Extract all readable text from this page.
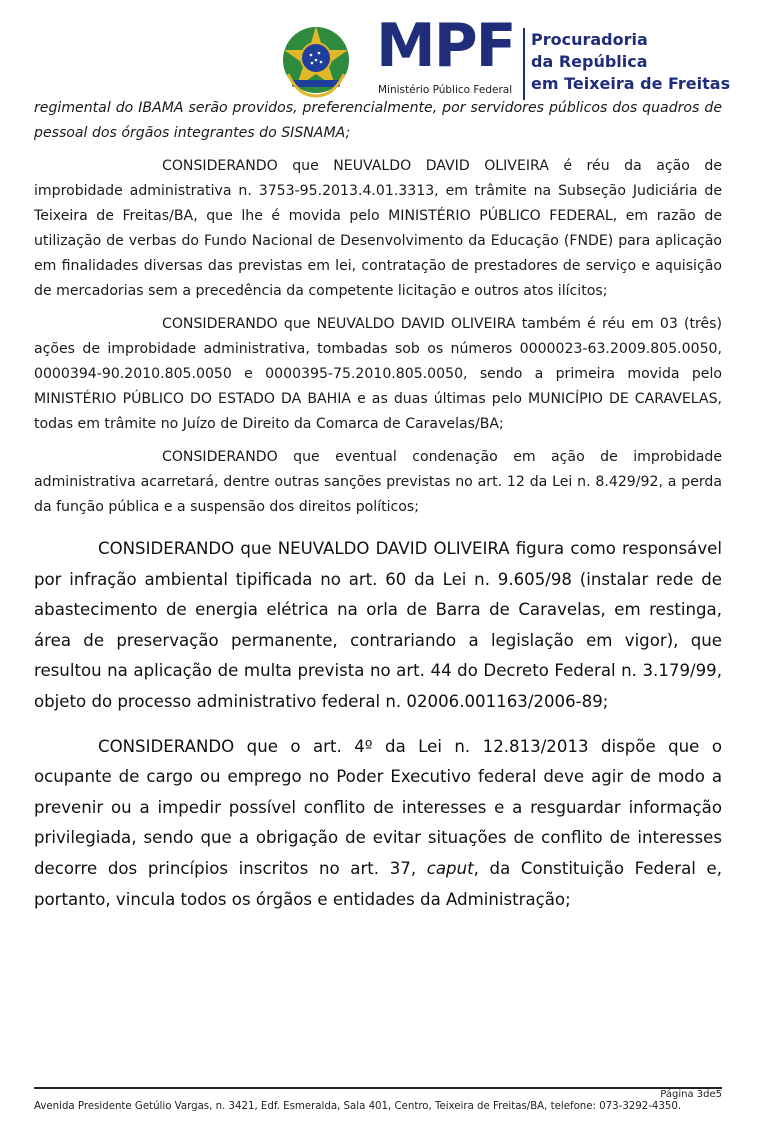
MPF
Ministério Público Federal
Procuradoria
da República
em Teixeira de Freitas

regimental do IBAMA serão providos, preferencialmente, por servidores públicos dos quadros de pessoal dos órgãos integrantes do SISNAMA;

CONSIDERANDO que NEUVALDO DAVID OLIVEIRA é réu da ação de improbidade administrativa n. 3753-95.2013.4.01.3313, em trâmite na Subseção Judiciária de Teixeira de Freitas/BA, que lhe é movida pelo MINISTÉRIO PÚBLICO FEDERAL, em razão de utilização de verbas do Fundo Nacional de Desenvolvimento da Educação (FNDE) para aplicação em finalidades diversas das previstas em lei, contratação de prestadores de serviço e aquisição de mercadorias sem a precedência da competente licitação e outros atos ilícitos;

CONSIDERANDO que NEUVALDO DAVID OLIVEIRA também é réu em 03 (três) ações de improbidade administrativa, tombadas sob os números 0000023-63.2009.805.0050, 0000394-90.2010.805.0050 e 0000395-75.2010.805.0050, sendo a primeira movida pelo MINISTÉRIO PÚBLICO DO ESTADO DA BAHIA e as duas últimas pelo MUNICÍPIO DE CARAVELAS, todas em trâmite no Juízo de Direito da Comarca de Caravelas/BA;

CONSIDERANDO que eventual condenação em ação de improbidade administrativa acarretará, dentre outras sanções previstas no art. 12 da Lei n. 8.429/92, a perda da função pública e a suspensão dos direitos políticos;

CONSIDERANDO que NEUVALDO DAVID OLIVEIRA figura como responsável por infração ambiental tipificada no art. 60 da Lei n. 9.605/98 (instalar rede de abastecimento de energia elétrica na orla de Barra de Caravelas, em restinga, área de preservação permanente, contrariando a legislação em vigor), que resultou na aplicação de multa prevista no art. 44 do Decreto Federal n. 3.179/99, objeto do processo administrativo federal n. 02006.001163/2006-89;

CONSIDERANDO que o art. 4º da Lei n. 12.813/2013 dispõe que o ocupante de cargo ou emprego no Poder Executivo federal deve agir de modo a prevenir ou a impedir possível conflito de interesses e a resguardar informação privilegiada, sendo que a obrigação de evitar situações de conflito de interesses decorre dos princípios inscritos no art. 37, caput, da Constituição Federal e, portanto, vincula todos os órgãos e entidades da Administração;

Página 3de5
Avenida Presidente Getúlio Vargas, n. 3421, Edf. Esmeralda, Sala 401, Centro, Teixeira de Freitas/BA, telefone: 073-3292-4350.
